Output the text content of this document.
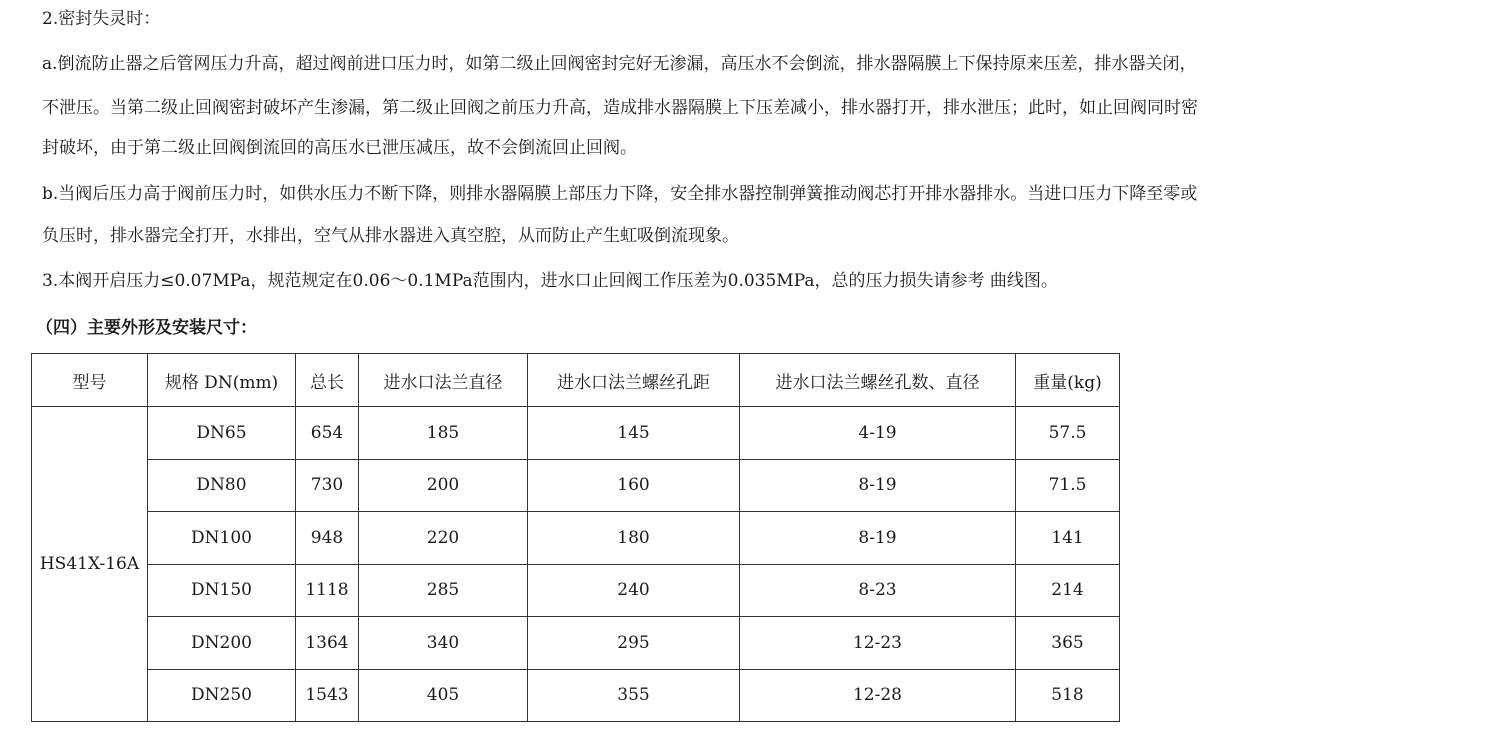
2.密封失灵时：
a.倒流防止器之后管网压力升高，超过阀前进口压力时，如第二级止回阀密封完好无渗漏，高压水不会倒流，排水器隔膜上下保持原来压差，排水器关闭，
不泄压。当第二级止回阀密封破坏产生渗漏，第二级止回阀之前压力升高，造成排水器隔膜上下压差减小，排水器打开，排水泄压；此时，如止回阀同时密
封破坏，由于第二级止回阀倒流回的高压水已泄压减压，故不会倒流回止回阀。
b.当阀后压力高于阀前压力时，如供水压力不断下降，则排水器隔膜上部压力下降，安全排水器控制弹簧推动阀芯打开排水器排水。当进口压力下降至零或
负压时，排水器完全打开，水排出，空气从排水器进入真空腔，从而防止产生虹吸倒流现象。
3.本阀开启压力≤0.07MPa，规范规定在0.06～0.1MPa范围内，进水口止回阀工作压差为0.035MPa，总的压力损失请参考 曲线图。
（四）主要外形及安装尺寸：
型号	规格 DN(mm)	总长	进水口法兰直径	进水口法兰螺丝孔距	进水口法兰螺丝孔数、直径	重量(kg)
HS41X-16A	DN65	654	185	145	4-19	57.5
	DN80	730	200	160	8-19	71.5
	DN100	948	220	180	8-19	141
	DN150	1118	285	240	8-23	214
	DN200	1364	340	295	12-23	365
	DN250	1543	405	355	12-28	518
